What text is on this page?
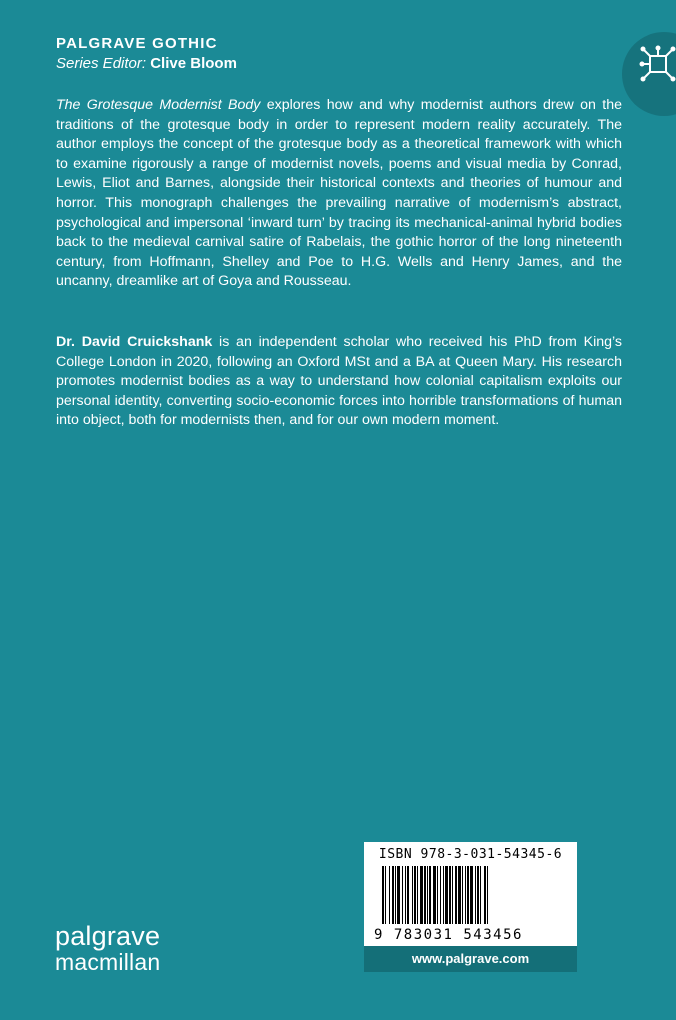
PALGRAVE GOTHIC
Series Editor: Clive Bloom

The Grotesque Modernist Body explores how and why modernist authors drew on the traditions of the grotesque body in order to represent modern reality accurately. The author employs the concept of the grotesque body as a theoretical framework with which to examine rigorously a range of modernist novels, poems and visual media by Conrad, Lewis, Eliot and Barnes, alongside their historical contexts and theories of humour and horror. This monograph challenges the prevailing narrative of modernism’s abstract, psychological and impersonal ‘inward turn’ by tracing its mechanical-animal hybrid bodies back to the medieval carnival satire of Rabelais, the gothic horror of the long nineteenth century, from Hoffmann, Shelley and Poe to H.G. Wells and Henry James, and the uncanny, dreamlike art of Goya and Rousseau.

Dr. David Cruickshank is an independent scholar who received his PhD from King’s College London in 2020, following an Oxford MSt and a BA at Queen Mary. His research promotes modernist bodies as a way to understand how colonial capitalism exploits our personal identity, converting socio-economic forces into horrible transformations of human into object, both for modernists then, and for our own modern moment.

ISBN 978-3-031-54345-6
9 783031 543456
www.palgrave.com
palgrave
macmillan
